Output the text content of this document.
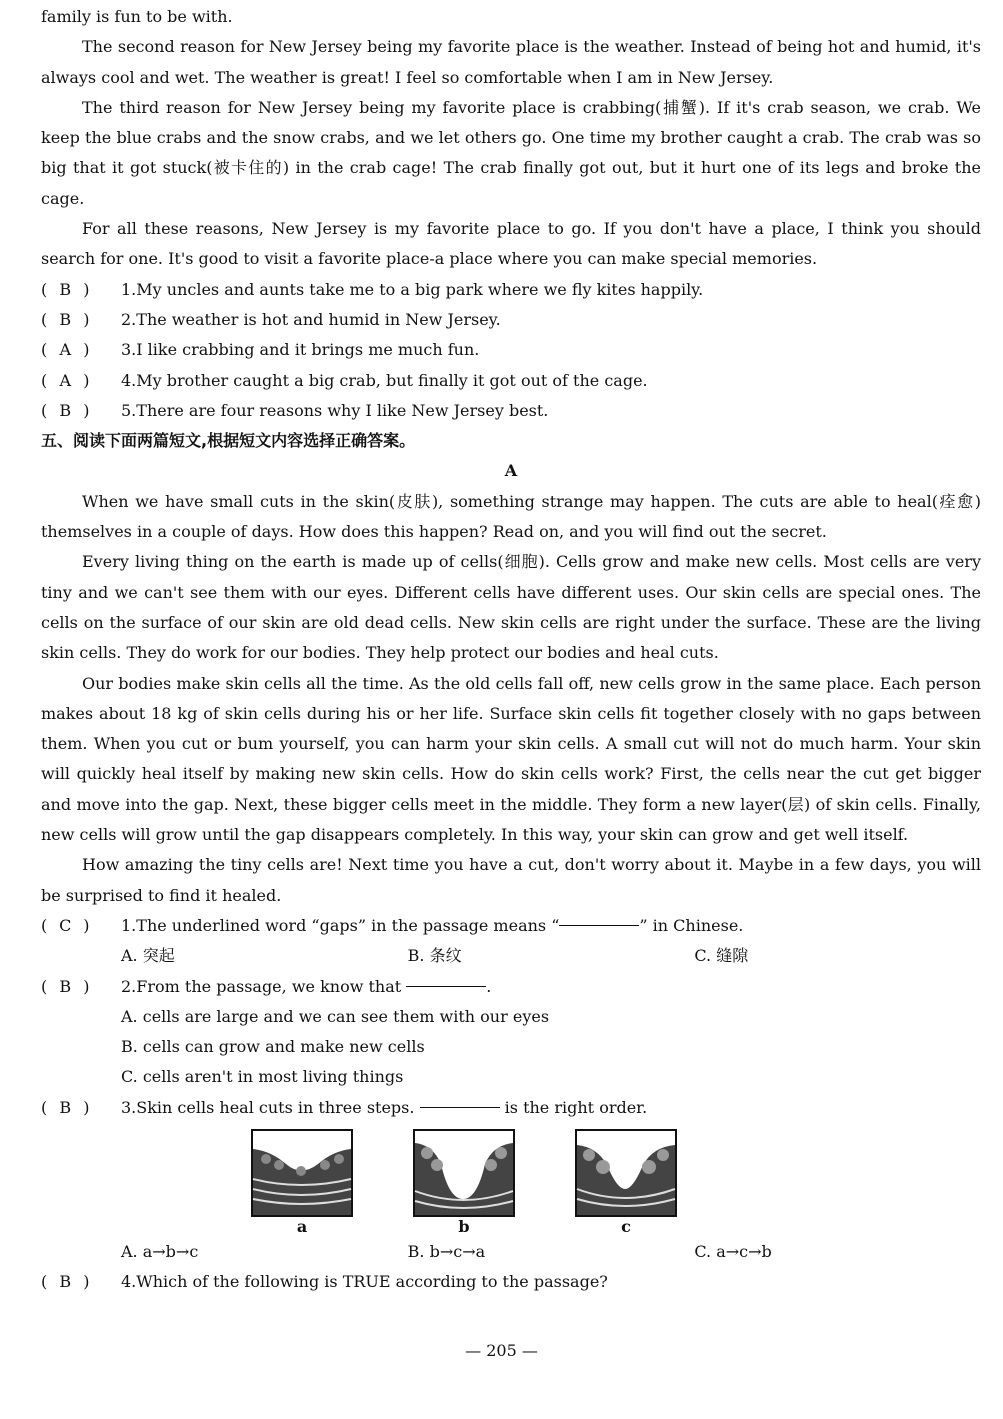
family is fun to be with.

The second reason for New Jersey being my favorite place is the weather. Instead of being hot and humid, it's always cool and wet. The weather is great! I feel so comfortable when I am in New Jersey.

The third reason for New Jersey being my favorite place is crabbing(捕蟹). If it's crab season, we crab. We keep the blue crabs and the snow crabs, and we let others go. One time my brother caught a crab. The crab was so big that it got stuck(被卡住的) in the crab cage! The crab finally got out, but it hurt one of its legs and broke the cage.

For all these reasons, New Jersey is my favorite place to go. If you don't have a place, I think you should search for one. It's good to visit a favorite place-a place where you can make special memories.

( B )	1. My uncles and aunts take me to a big park where we fly kites happily.
( B )	2. The weather is hot and humid in New Jersey.
( A )	3. I like crabbing and it brings me much fun.
( A )	4. My brother caught a big crab, but finally it got out of the cage.
( B )	5. There are four reasons why I like New Jersey best.
五、阅读下面两篇短文,根据短文内容选择正确答案。
A

When we have small cuts in the skin(皮肤), something strange may happen. The cuts are able to heal(痊愈) themselves in a couple of days. How does this happen? Read on, and you will find out the secret.

Every living thing on the earth is made up of cells(细胞). Cells grow and make new cells. Most cells are very tiny and we can't see them with our eyes. Different cells have different uses. Our skin cells are special ones. The cells on the surface of our skin are old dead cells. New skin cells are right under the surface. These are the living skin cells. They do work for our bodies. They help protect our bodies and heal cuts.

Our bodies make skin cells all the time. As the old cells fall off, new cells grow in the same place. Each person makes about 18 kg of skin cells during his or her life. Surface skin cells fit together closely with no gaps between them. When you cut or bum yourself, you can harm your skin cells. A small cut will not do much harm. Your skin will quickly heal itself by making new skin cells. How do skin cells work? First, the cells near the cut get bigger and move into the gap. Next, these bigger cells meet in the middle. They form a new layer(层) of skin cells. Finally, new cells will grow until the gap disappears completely. In this way, your skin can grow and get well itself.

How amazing the tiny cells are! Next time you have a cut, don't worry about it. Maybe in a few days, you will be surprised to find it healed.

( C )	1. The underlined word “gaps” in the passage means “	” in Chinese.
A. 突起	B. 条纹	C. 缝隙
( B )	2. From the passage, we know that
	.
A. cells are large and we can see them with our eyes
B. cells can grow and make new cells
C. cells aren't in most living things
( B )	3. Skin cells heal cuts in three steps.

	is the right order.
a	b	c
A. a→b→c	B. b→c→a	C. a→c→b
( B )	4. Which of the following is TRUE according to the passage?
— 205 —
